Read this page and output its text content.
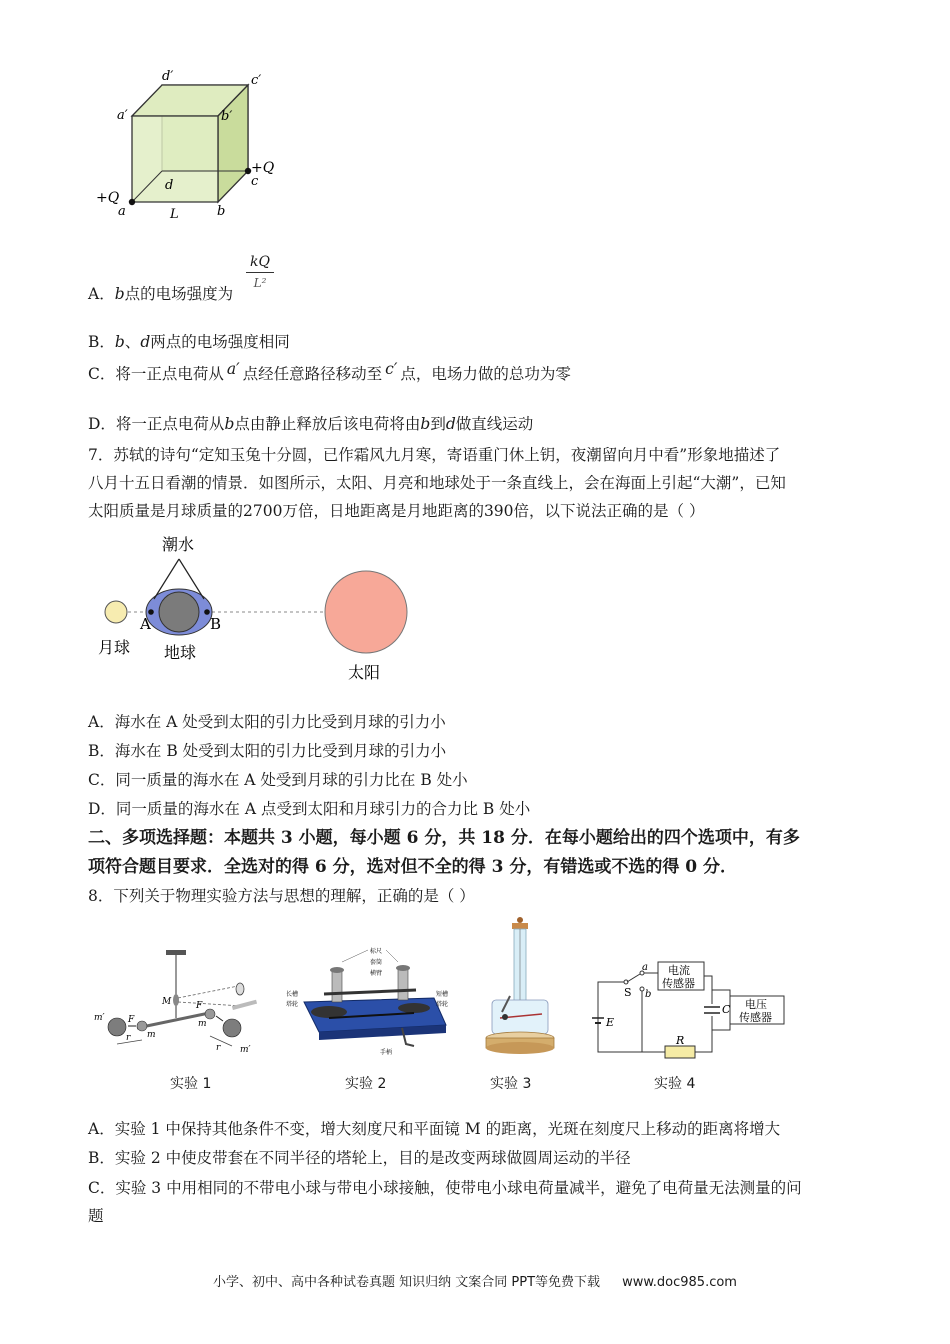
d′	c′
a′	b′
+Q
c
d
+Q
a	b
L
A．b点的电场强度为
$\frac{kQ}{\text{L²}}$
B．b、d两点的电场强度相同
C．将一正点电荷从 a′ 点经任意路径移动至 c′ 点，电场力做的总功为零
D．将一正点电荷从b点由静止释放后该电荷将由b到d做直线运动
7．苏轼的诗句“定知玉兔十分圆，已作霜风九月寒，寄语重门休上钥，夜潮留向月中看”形象地描述了
八月十五日看潮的情景．如图所示，太阳、月亮和地球处于一条直线上，会在海面上引起“大潮”，已知
太阳质量是月球质量的2700万倍，日地距离是月地距离的390倍，以下说法正确的是（ ）
潮水
月球
A	B
地球
太阳
A．海水在 A 处受到太阳的引力比受到月球的引力小
B．海水在 B 处受到太阳的引力比受到月球的引力小
C．同一质量的海水在 A 处受到月球的引力比在 B 处小
D．同一质量的海水在 A 点受到太阳和月球引力的合力比 B 处小
二、多项选择题：本题共 3 小题，每小题 6 分，共 18 分．在每小题给出的四个选项中，有多
项符合题目要求．全选对的得 6 分，选对但不全的得 3 分，有错选或不选的得 0 分．
8．下列关于物理实验方法与思想的理解，正确的是（ ）
M
m′	F
r m
F
m
r m′
实验 1
标尺
套筒
横臂
长槽
塔轮
短槽
塔轮
手柄
实验 2	实验 3
a
S b
电流
传感器
C 电压
传感器
E
R
实验 4
A．实验 1 中保持其他条件不变，增大刻度尺和平面镜 M 的距离，光斑在刻度尺上移动的距离将增大
B．实验 2 中使皮带套在不同半径的塔轮上，目的是改变两球做圆周运动的半径
C．实验 3 中用相同的不带电小球与带电小球接触，使带电小球电荷量减半，避免了电荷量无法测量的问
题
小学、初中、高中各种试卷真题 知识归纳 文案合同 PPT等免费下载 www.doc985.com
